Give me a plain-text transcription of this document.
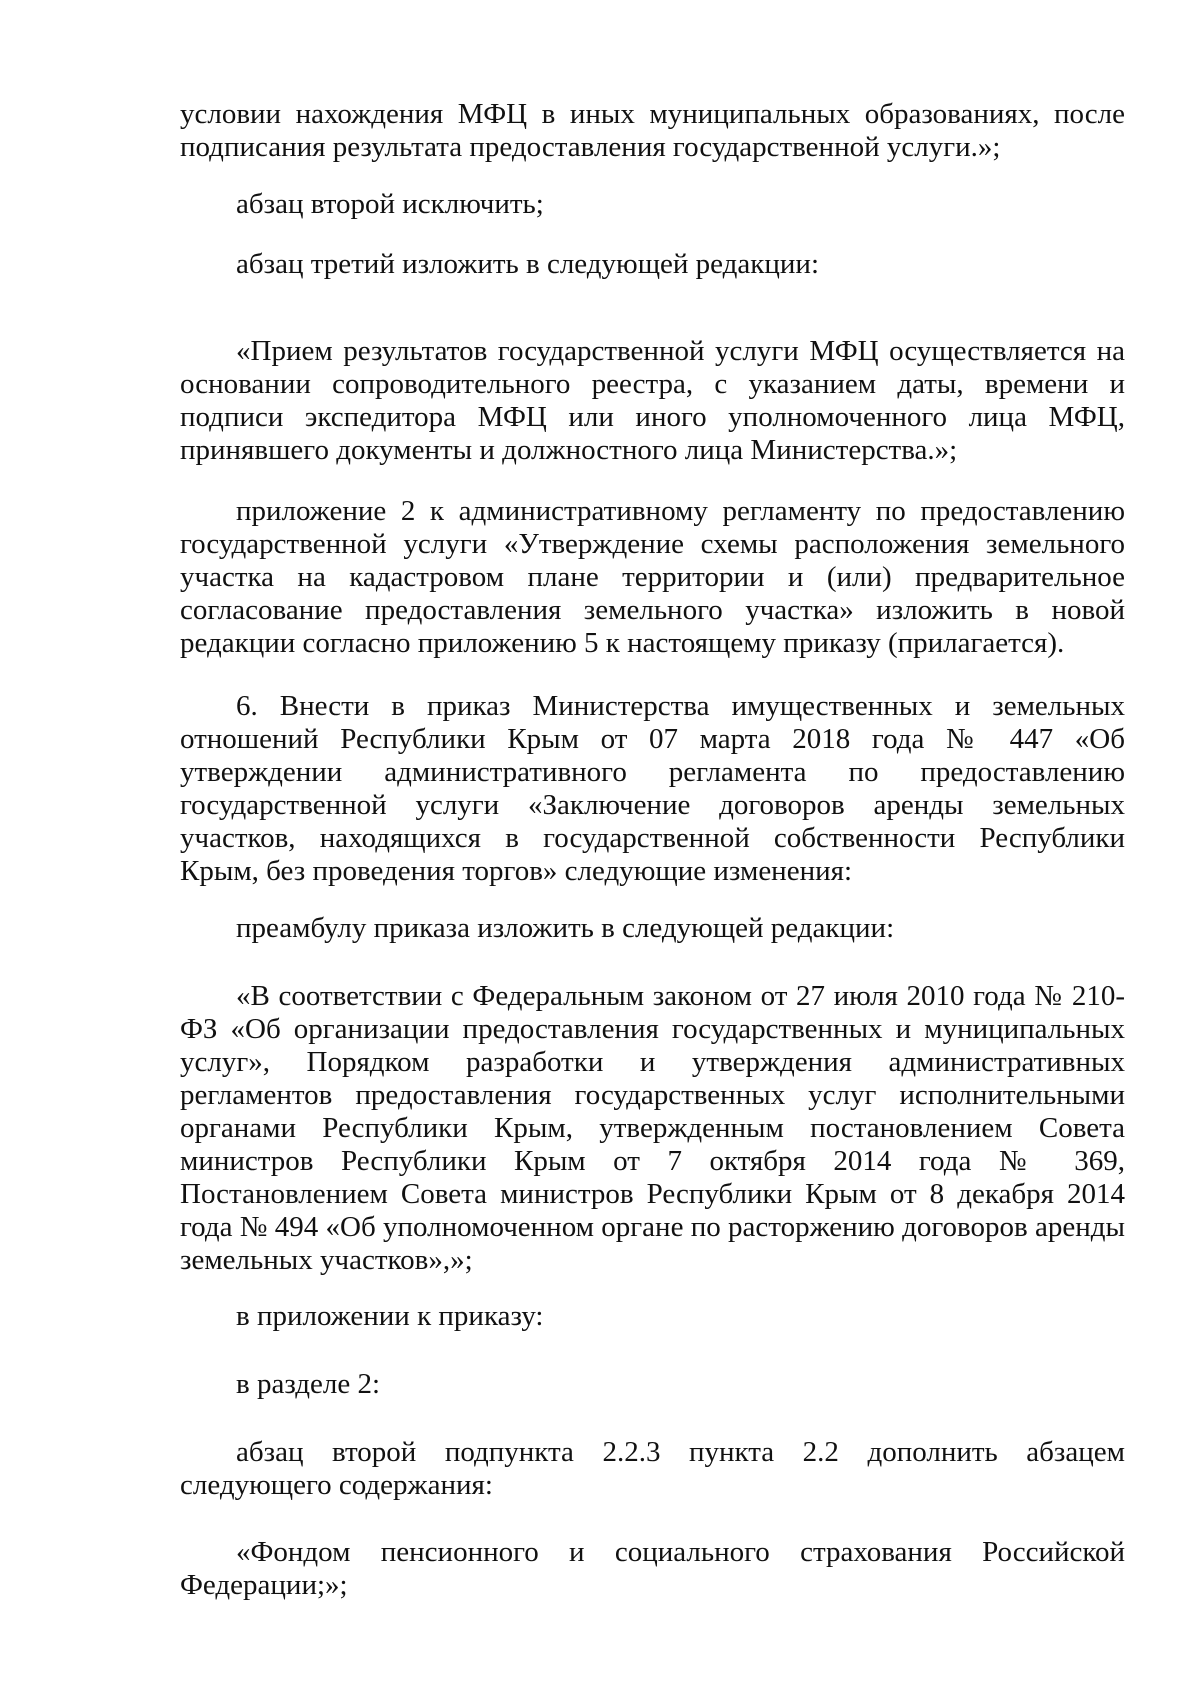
условии нахождения МФЦ в иных муниципальных образованиях, после подписания результата предоставления государственной услуги.»;

абзац второй исключить;

абзац третий изложить в следующей редакции:

«Прием результатов государственной услуги МФЦ осуществляется на основании сопроводительного реестра, с указанием даты, времени и подписи экспедитора МФЦ или иного уполномоченного лица МФЦ, принявшего документы и должностного лица Министерства.»;

приложение 2 к административному регламенту по предоставлению государственной услуги «Утверждение схемы расположения земельного участка на кадастровом плане территории и (или) предварительное согласование предоставления земельного участка» изложить в новой редакции согласно приложению 5 к настоящему приказу (прилагается).

6. Внести в приказ Министерства имущественных и земельных отношений Республики Крым от 07 марта 2018 года № 447 «Об утверждении административного регламента по предоставлению государственной услуги «Заключение договоров аренды земельных участков, находящихся в государственной собственности Республики Крым, без проведения торгов» следующие изменения:

преамбулу приказа изложить в следующей редакции:

«В соответствии с Федеральным законом от 27 июля 2010 года № 210-ФЗ «Об организации предоставления государственных и муниципальных услуг», Порядком разработки и утверждения административных регламентов предоставления государственных услуг исполнительными органами Республики Крым, утвержденным постановлением Совета министров Республики Крым от 7 октября 2014 года № 369, Постановлением Совета министров Республики Крым от 8 декабря 2014 года № 494 «Об уполномоченном органе по расторжению договоров аренды земельных участков»,»;

в приложении к приказу:

в разделе 2:

абзац второй подпункта 2.2.3 пункта 2.2 дополнить абзацем следующего содержания:

«Фондом пенсионного и социального страхования Российской Федерации;»;
